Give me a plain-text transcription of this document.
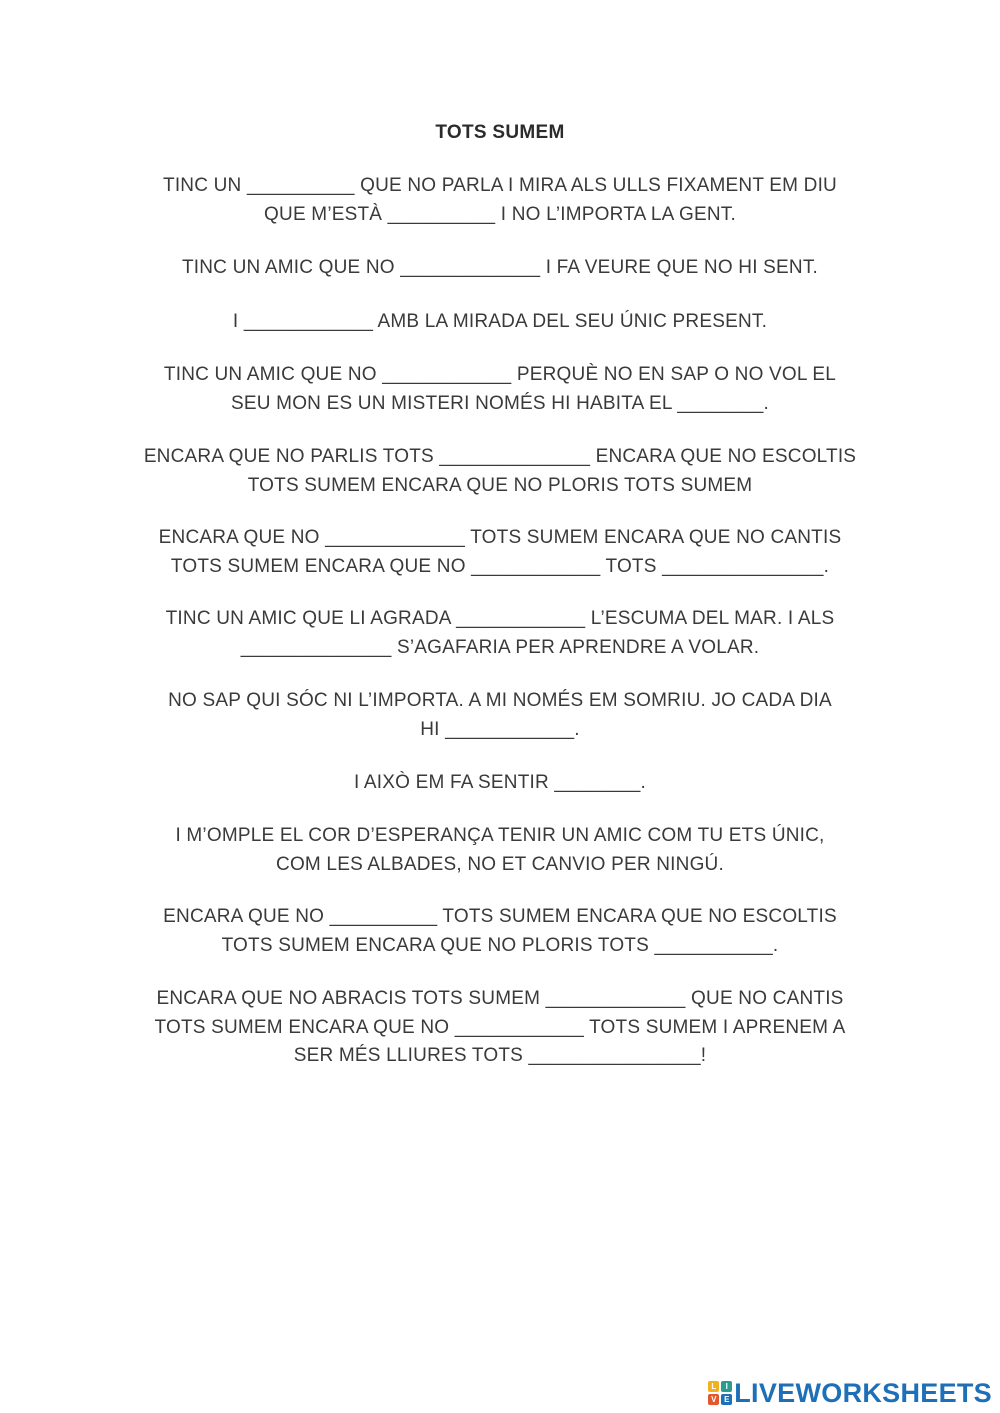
TOTS SUMEM
TINC UN __________ QUE NO PARLA I MIRA ALS ULLS FIXAMENT EM DIU
QUE M’ESTÀ __________ I NO L’IMPORTA LA GENT.
TINC UN AMIC QUE NO _____________ I FA VEURE QUE NO HI SENT.
I ____________ AMB LA MIRADA DEL SEU ÚNIC PRESENT.
TINC UN AMIC QUE NO ____________ PERQUÈ NO EN SAP O NO VOL EL
SEU MON ES UN MISTERI NOMÉS HI HABITA EL ________.
ENCARA QUE NO PARLIS TOTS ______________ ENCARA QUE NO ESCOLTIS
TOTS SUMEM ENCARA QUE NO PLORIS TOTS SUMEM
ENCARA QUE NO _____________ TOTS SUMEM ENCARA QUE NO CANTIS
TOTS SUMEM ENCARA QUE NO ____________ TOTS _______________.
TINC UN AMIC QUE LI AGRADA ____________ L’ESCUMA DEL MAR. I ALS
______________ S’AGAFARIA PER APRENDRE A VOLAR.
NO SAP QUI SÓC NI L’IMPORTA. A MI NOMÉS EM SOMRIU. JO CADA DIA
HI ____________.
I AIXÒ EM FA SENTIR ________.
I M’OMPLE EL COR D’ESPERANÇA TENIR UN AMIC COM TU ETS ÚNIC,
COM LES ALBADES, NO ET CANVIO PER NINGÚ.
ENCARA QUE NO __________ TOTS SUMEM ENCARA QUE NO ESCOLTIS
TOTS SUMEM ENCARA QUE NO PLORIS TOTS ___________.
ENCARA QUE NO ABRACIS TOTS SUMEM _____________ QUE NO CANTIS
TOTS SUMEM ENCARA QUE NO ____________ TOTS SUMEM I APRENEM A
SER MÉS LLIURES TOTS ________________!
L	I
V E LIVEWORKSHEETS
